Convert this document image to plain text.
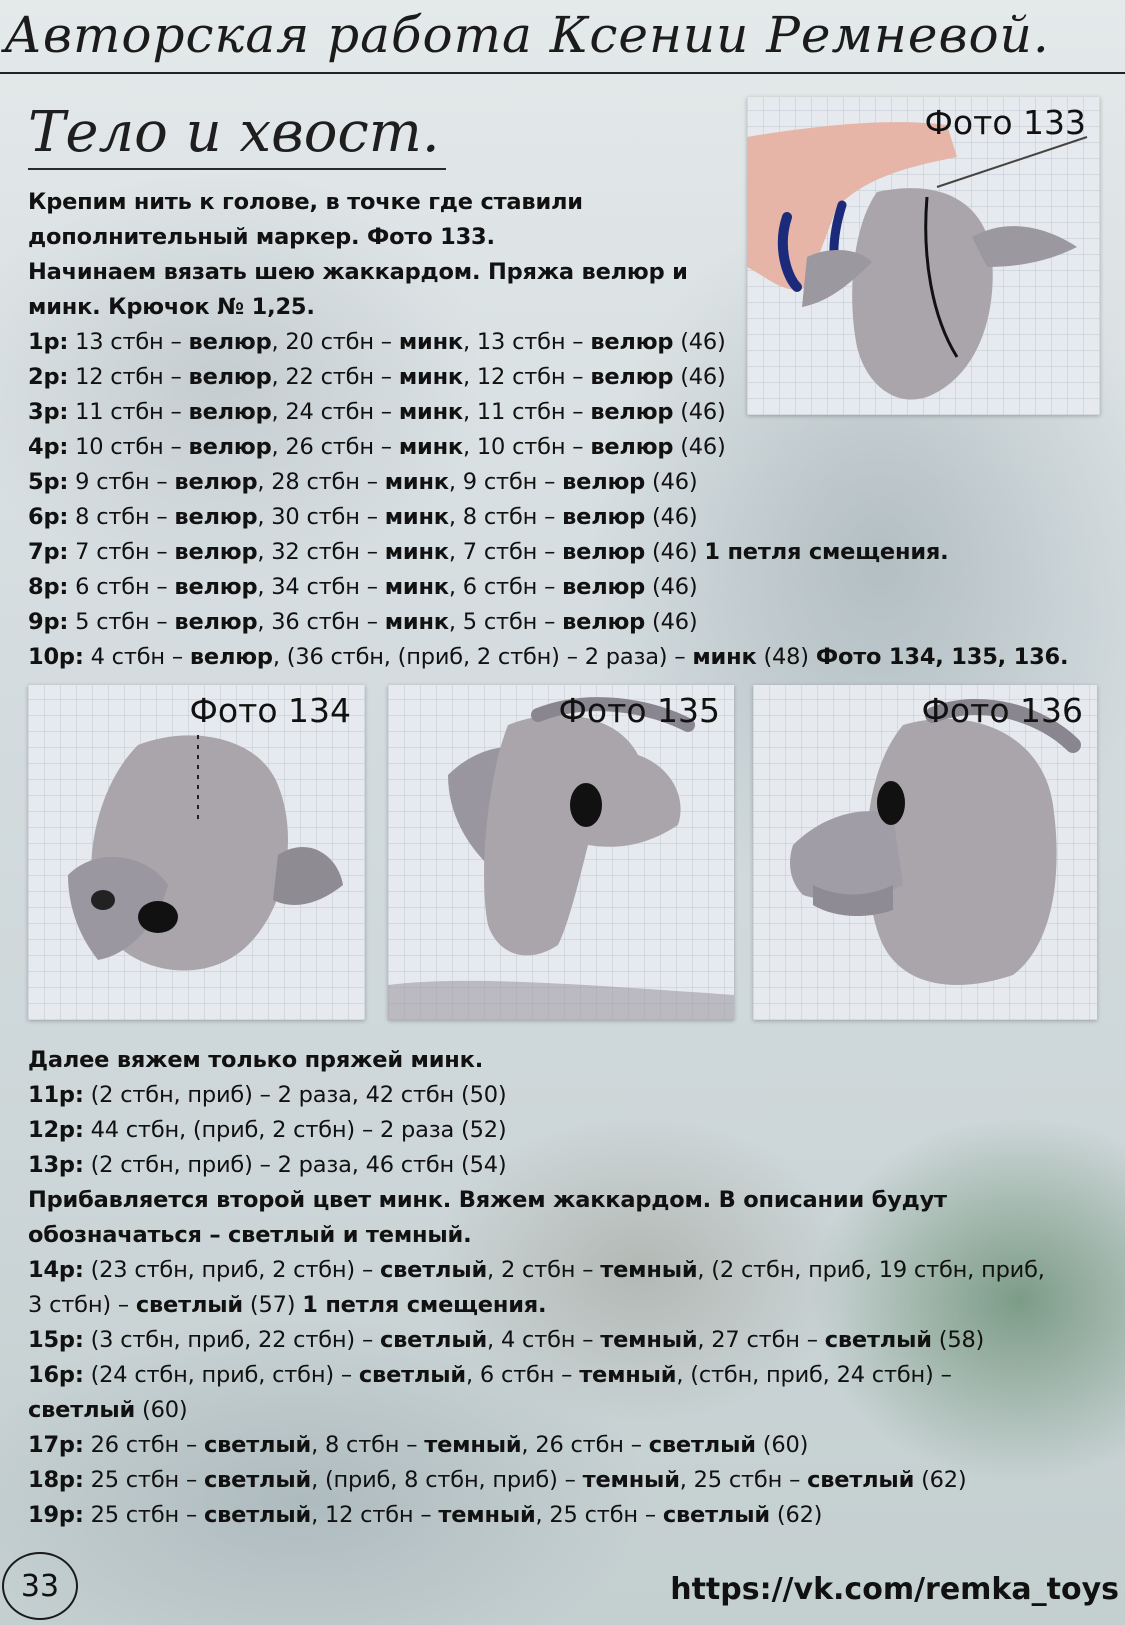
Авторская работа Ксении Ремневой.
Тело и хвост.
Крепим нить к голове, в точке где ставили
дополнительный маркер. Фото 133.
Начинаем вязать шею жаккардом. Пряжа велюр и
минк. Крючок № 1,25.
1р: 13 стбн – велюр, 20 стбн – минк, 13 стбн – велюр (46)
2р: 12 стбн – велюр, 22 стбн – минк, 12 стбн – велюр (46)
3р: 11 стбн – велюр, 24 стбн – минк, 11 стбн – велюр (46)
4р: 10 стбн – велюр, 26 стбн – минк, 10 стбн – велюр (46)
5р: 9 стбн – велюр, 28 стбн – минк, 9 стбн – велюр (46)
6р: 8 стбн – велюр, 30 стбн – минк, 8 стбн – велюр (46)
7р: 7 стбн – велюр, 32 стбн – минк, 7 стбн – велюр (46) 1 петля смещения.
8р: 6 стбн – велюр, 34 стбн – минк, 6 стбн – велюр (46)
9р: 5 стбн – велюр, 36 стбн – минк, 5 стбн – велюр (46)
10р: 4 стбн – велюр, (36 стбн, (приб, 2 стбн) – 2 раза) – минк (48) Фото 134, 135, 136.
Фото 133
Фото 134	Фото 135	Фото 136
Далее вяжем только пряжей минк.
11р: (2 стбн, приб) – 2 раза, 42 стбн (50)
12р: 44 стбн, (приб, 2 стбн) – 2 раза (52)
13р: (2 стбн, приб) – 2 раза, 46 стбн (54)
Прибавляется второй цвет минк. Вяжем жаккардом. В описании будут
обозначаться – светлый и темный.
14р: (23 стбн, приб, 2 стбн) – светлый, 2 стбн – темный, (2 стбн, приб, 19 стбн, приб,
3 стбн) – светлый (57) 1 петля смещения.
15р: (3 стбн, приб, 22 стбн) – светлый, 4 стбн – темный, 27 стбн – светлый (58)
16р: (24 стбн, приб, стбн) – светлый, 6 стбн – темный, (стбн, приб, 24 стбн) –
светлый (60)
17р: 26 стбн – светлый, 8 стбн – темный, 26 стбн – светлый (60)
18р: 25 стбн – светлый, (приб, 8 стбн, приб) – темный, 25 стбн – светлый (62)
19р: 25 стбн – светлый, 12 стбн – темный, 25 стбн – светлый (62)
33	https://vk.com/remka_toys
